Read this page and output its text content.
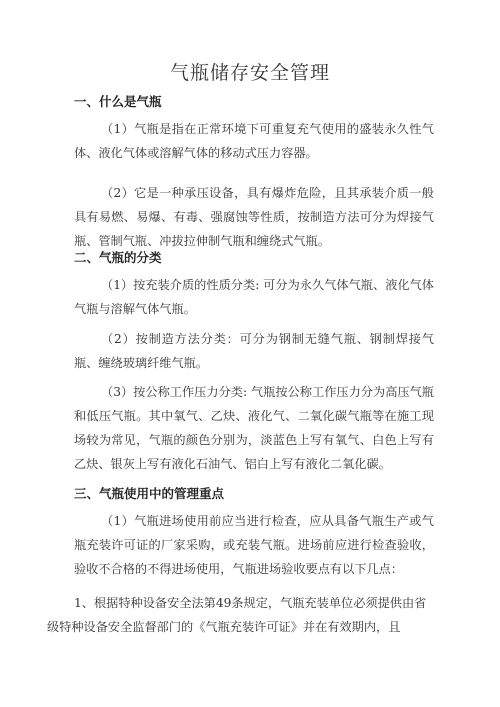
气瓶储存安全管理
一、什么是气瓶

（1）气瓶是指在正常环境下可重复充气使用的盛装永久性气体、液化气体或溶解气体的移动式压力容器。

（2）它是一种承压设备，具有爆炸危险，且其承装介质一般具有易燃、易爆、有毒、强腐蚀等性质，按制造方法可分为焊接气瓶、管制气瓶、冲拔拉伸制气瓶和缠绕式气瓶。

二、气瓶的分类

（1）按充装介质的性质分类: 可分为永久气体气瓶、液化气体气瓶与溶解气体气瓶。

（2）按制造方法分类：可分为钢制无缝气瓶、钢制焊接气瓶、缠绕玻璃纤维气瓶。

（3）按公称工作压力分类: 气瓶按公称工作压力分为高压气瓶和低压气瓶。其中氧气、乙炔、液化气、二氧化碳气瓶等在施工现场较为常见，气瓶的颜色分别为，淡蓝色上写有氧气、白色上写有乙炔、银灰上写有液化石油气、铝白上写有液化二氧化碳。

三、气瓶使用中的管理重点

（1）气瓶进场使用前应当进行检查，应从具备气瓶生产或气瓶充装许可证的厂家采购，或充装气瓶。进场前应进行检查验收，验收不合格的不得进场使用，气瓶进场验收要点有以下几点：

1、根据特种设备安全法第49条规定，气瓶充装单位必须提供由省级特种设备安全监督部门的《气瓶充装许可证》并在有效期内，且
